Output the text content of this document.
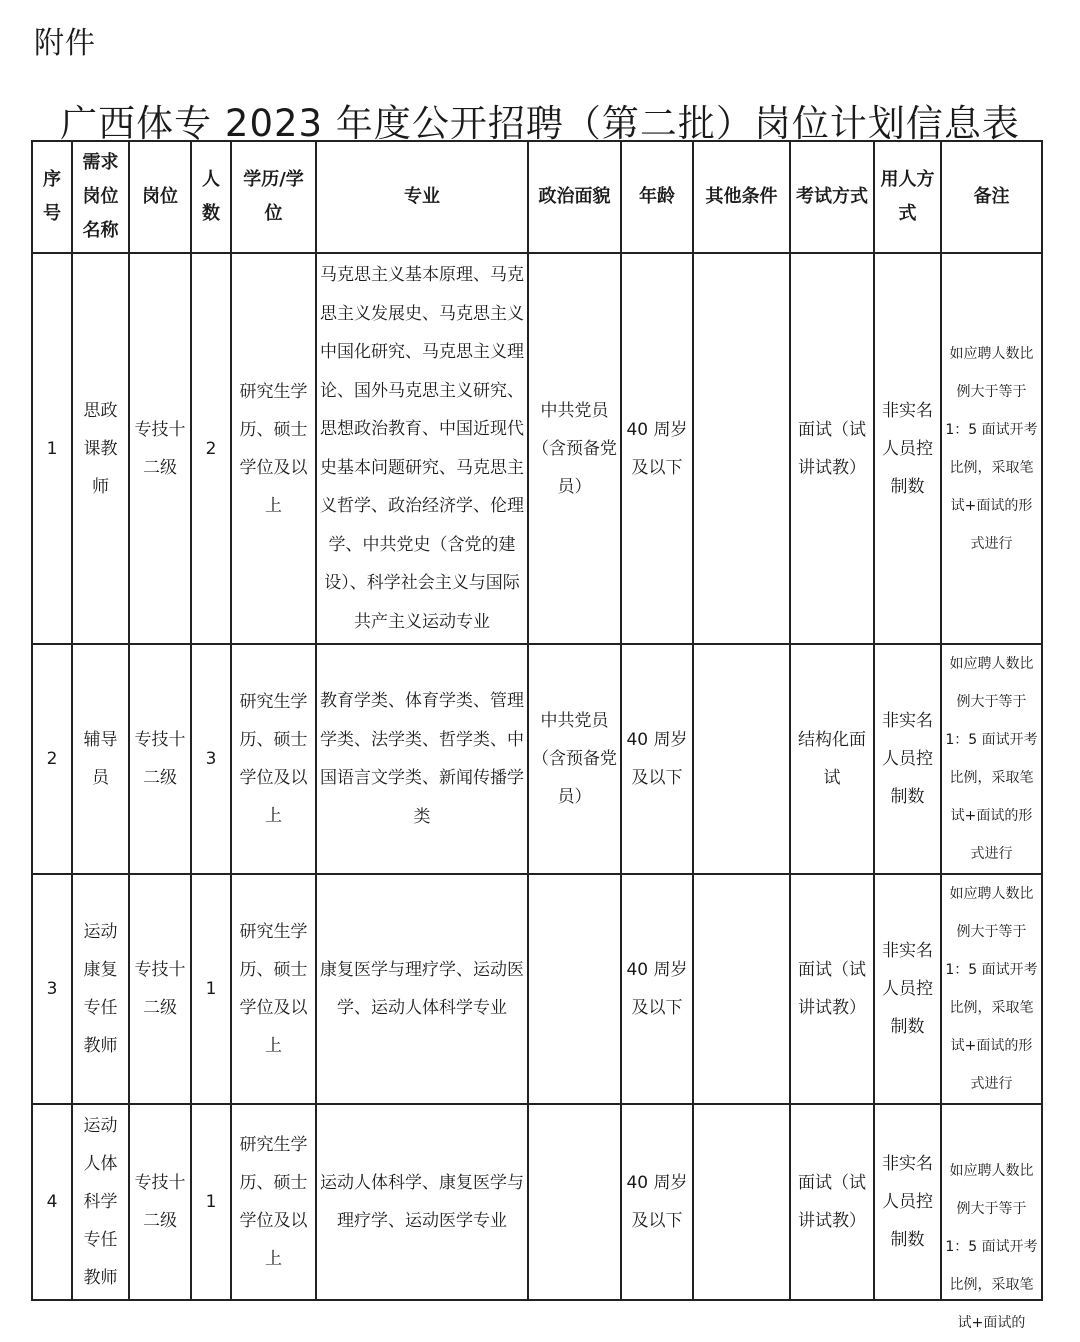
附件
广西体专 2023 年度公开招聘（第二批）岗位计划信息表
序号	需求岗位名称	岗位	人数	学历/学位	专业	政治面貌	年龄	其他条件	考试方式	用人方式	备注
1	思政课教师	专技十二级	2	研究生学历、硕士学位及以上	马克思主义基本原理、马克思主义发展史、马克思主义中国化研究、马克思主义理论、国外马克思主义研究、思想政治教育、中国近现代史基本问题研究、马克思主义哲学、政治经济学、伦理学、中共党史（含党的建设）、科学社会主义与国际共产主义运动专业	中共党员（含预备党员）	40 周岁及以下		面试（试讲试教）	非实名人员控制数	如应聘人数比例大于等于 1：5 面试开考比例，采取笔试+面试的形式进行
2	辅导员	专技十二级	3	研究生学历、硕士学位及以上	教育学类、体育学类、管理学类、法学类、哲学类、中国语言文学类、新闻传播学类	中共党员（含预备党员）	40 周岁及以下		结构化面试	非实名人员控制数	如应聘人数比例大于等于 1：5 面试开考比例，采取笔试+面试的形式进行
3	运动康复专任教师	专技十二级	1	研究生学历、硕士学位及以上	康复医学与理疗学、运动医学、运动人体科学专业		40 周岁及以下		面试（试讲试教）	非实名人员控制数	如应聘人数比例大于等于 1：5 面试开考比例，采取笔试+面试的形式进行
4	运动人体科学专任教师	专技十二级	1	研究生学历、硕士学位及以上	运动人体科学、康复医学与理疗学、运动医学专业		40 周岁及以下		面试（试讲试教）	非实名人员控制数	如应聘人数比例大于等于 1：5 面试开考比例，采取笔试+面试的
